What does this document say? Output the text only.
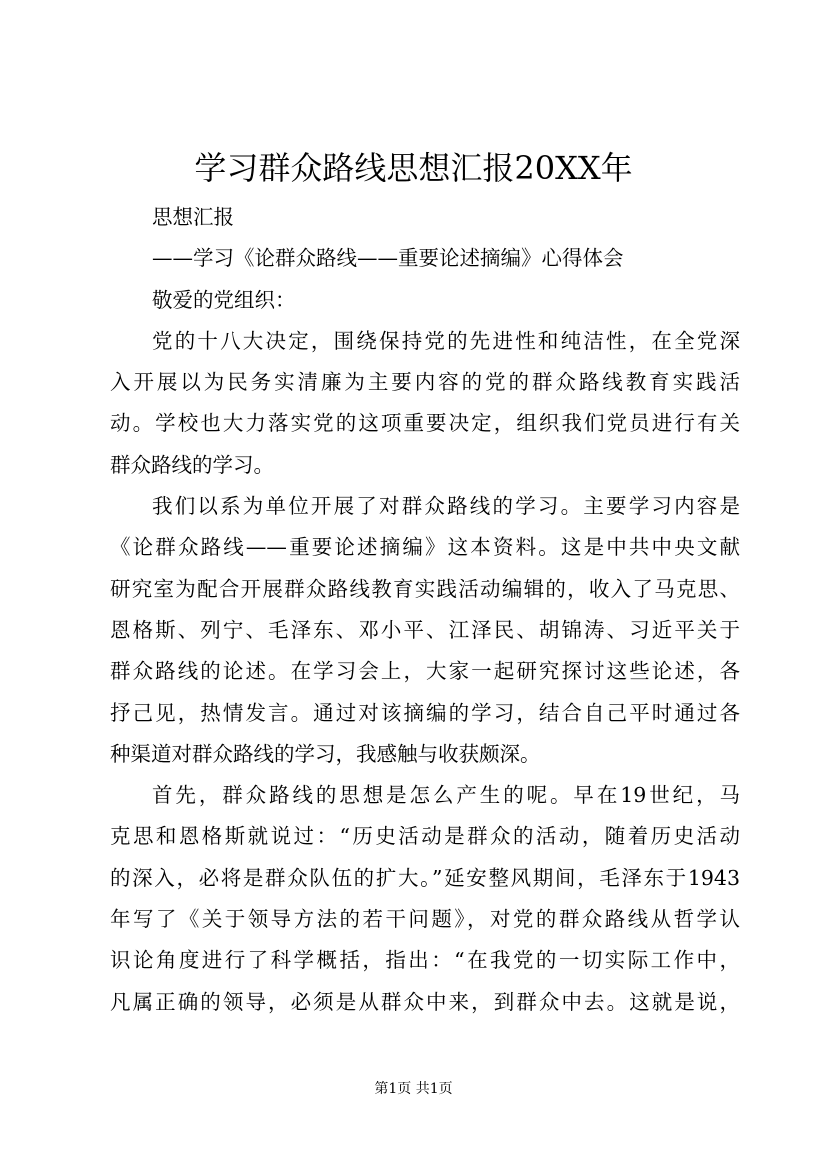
学习群众路线思想汇报20XX年

思想汇报

——学习《论群众路线——重要论述摘编》心得体会

敬爱的党组织：

党的十八大决定，围绕保持党的先进性和纯洁性，在全党深

入开展以为民务实清廉为主要内容的党的群众路线教育实践活

动。学校也大力落实党的这项重要决定，组织我们党员进行有关

群众路线的学习。

我们以系为单位开展了对群众路线的学习。主要学习内容是

《论群众路线——重要论述摘编》这本资料。这是中共中央文献

研究室为配合开展群众路线教育实践活动编辑的，收入了马克思、

恩格斯、列宁、毛泽东、邓小平、江泽民、胡锦涛、习近平关于

群众路线的论述。在学习会上，大家一起研究探讨这些论述，各

抒己见，热情发言。通过对该摘编的学习，结合自己平时通过各

种渠道对群众路线的学习，我感触与收获颇深。

首先，群众路线的思想是怎么产生的呢。早在19世纪，马

克思和恩格斯就说过：“历史活动是群众的活动，随着历史活动

的深入，必将是群众队伍的扩大。”延安整风期间，毛泽东于1943

年写了《关于领导方法的若干问题》，对党的群众路线从哲学认

识论角度进行了科学概括，指出：“在我党的一切实际工作中，

凡属正确的领导，必须是从群众中来，到群众中去。这就是说，

第1页 共1页
